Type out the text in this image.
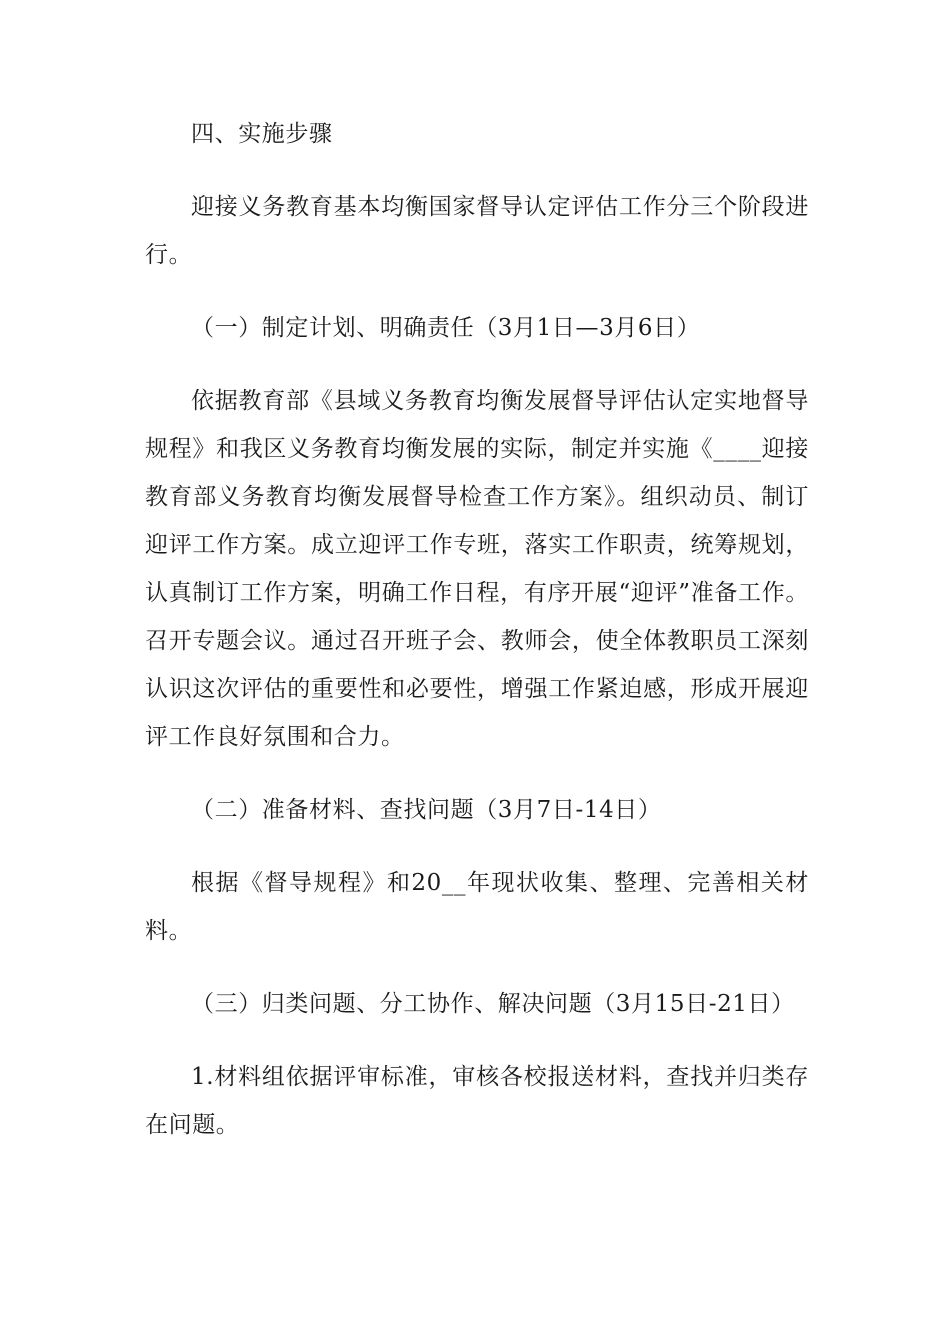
四、实施步骤

迎接义务教育基本均衡国家督导认定评估工作分三个阶段进行。

（一）制定计划、明确责任（3月1日—3月6日）

依据教育部《县域义务教育均衡发展督导评估认定实地督导规程》和我区义务教育均衡发展的实际，制定并实施《____迎接教育部义务教育均衡发展督导检查工作方案》。组织动员、制订迎评工作方案。成立迎评工作专班，落实工作职责，统筹规划，认真制订工作方案，明确工作日程，有序开展“迎评”准备工作。召开专题会议。通过召开班子会、教师会，使全体教职员工深刻认识这次评估的重要性和必要性，增强工作紧迫感，形成开展迎评工作良好氛围和合力。

（二）准备材料、查找问题（3月7日-14日）

根据《督导规程》和20__年现状收集、整理、完善相关材料。

（三）归类问题、分工协作、解决问题（3月15日-21日）

1.材料组依据评审标准，审核各校报送材料，查找并归类存在问题。
